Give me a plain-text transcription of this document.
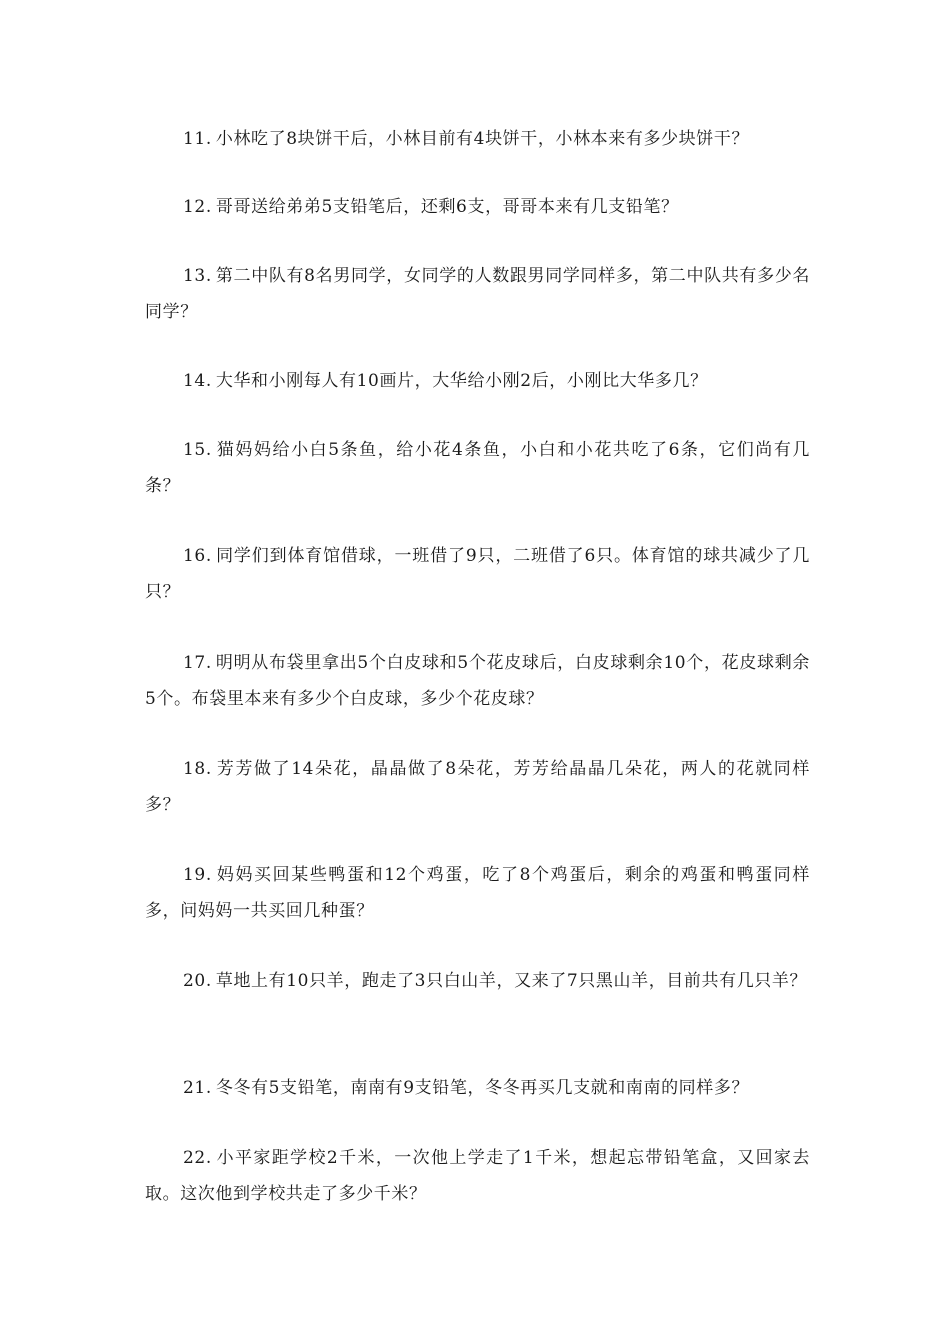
11. 小林吃了8块饼干后，小林目前有4块饼干，小林本来有多少块饼干？

12. 哥哥送给弟弟5支铅笔后，还剩6支，哥哥本来有几支铅笔？

13. 第二中队有8名男同学，女同学的人数跟男同学同样多，第二中队共有多少名同学？

14. 大华和小刚每人有10画片，大华给小刚2后，小刚比大华多几？

15. 猫妈妈给小白5条鱼，给小花4条鱼，小白和小花共吃了6条，它们尚有几条？

16. 同学们到体育馆借球，一班借了9只，二班借了6只。体育馆的球共减少了几只？

17. 明明从布袋里拿出5个白皮球和5个花皮球后，白皮球剩余10个，花皮球剩余5个。布袋里本来有多少个白皮球，多少个花皮球？

18. 芳芳做了14朵花，晶晶做了8朵花，芳芳给晶晶几朵花，两人的花就同样多？

19. 妈妈买回某些鸭蛋和12个鸡蛋，吃了8个鸡蛋后，剩余的鸡蛋和鸭蛋同样多，问妈妈一共买回几种蛋？

20. 草地上有10只羊，跑走了3只白山羊，又来了7只黑山羊，目前共有几只羊？

21. 冬冬有5支铅笔，南南有9支铅笔，冬冬再买几支就和南南的同样多？

22. 小平家距学校2千米，一次他上学走了1千米，想起忘带铅笔盒，又回家去取。这次他到学校共走了多少千米？
